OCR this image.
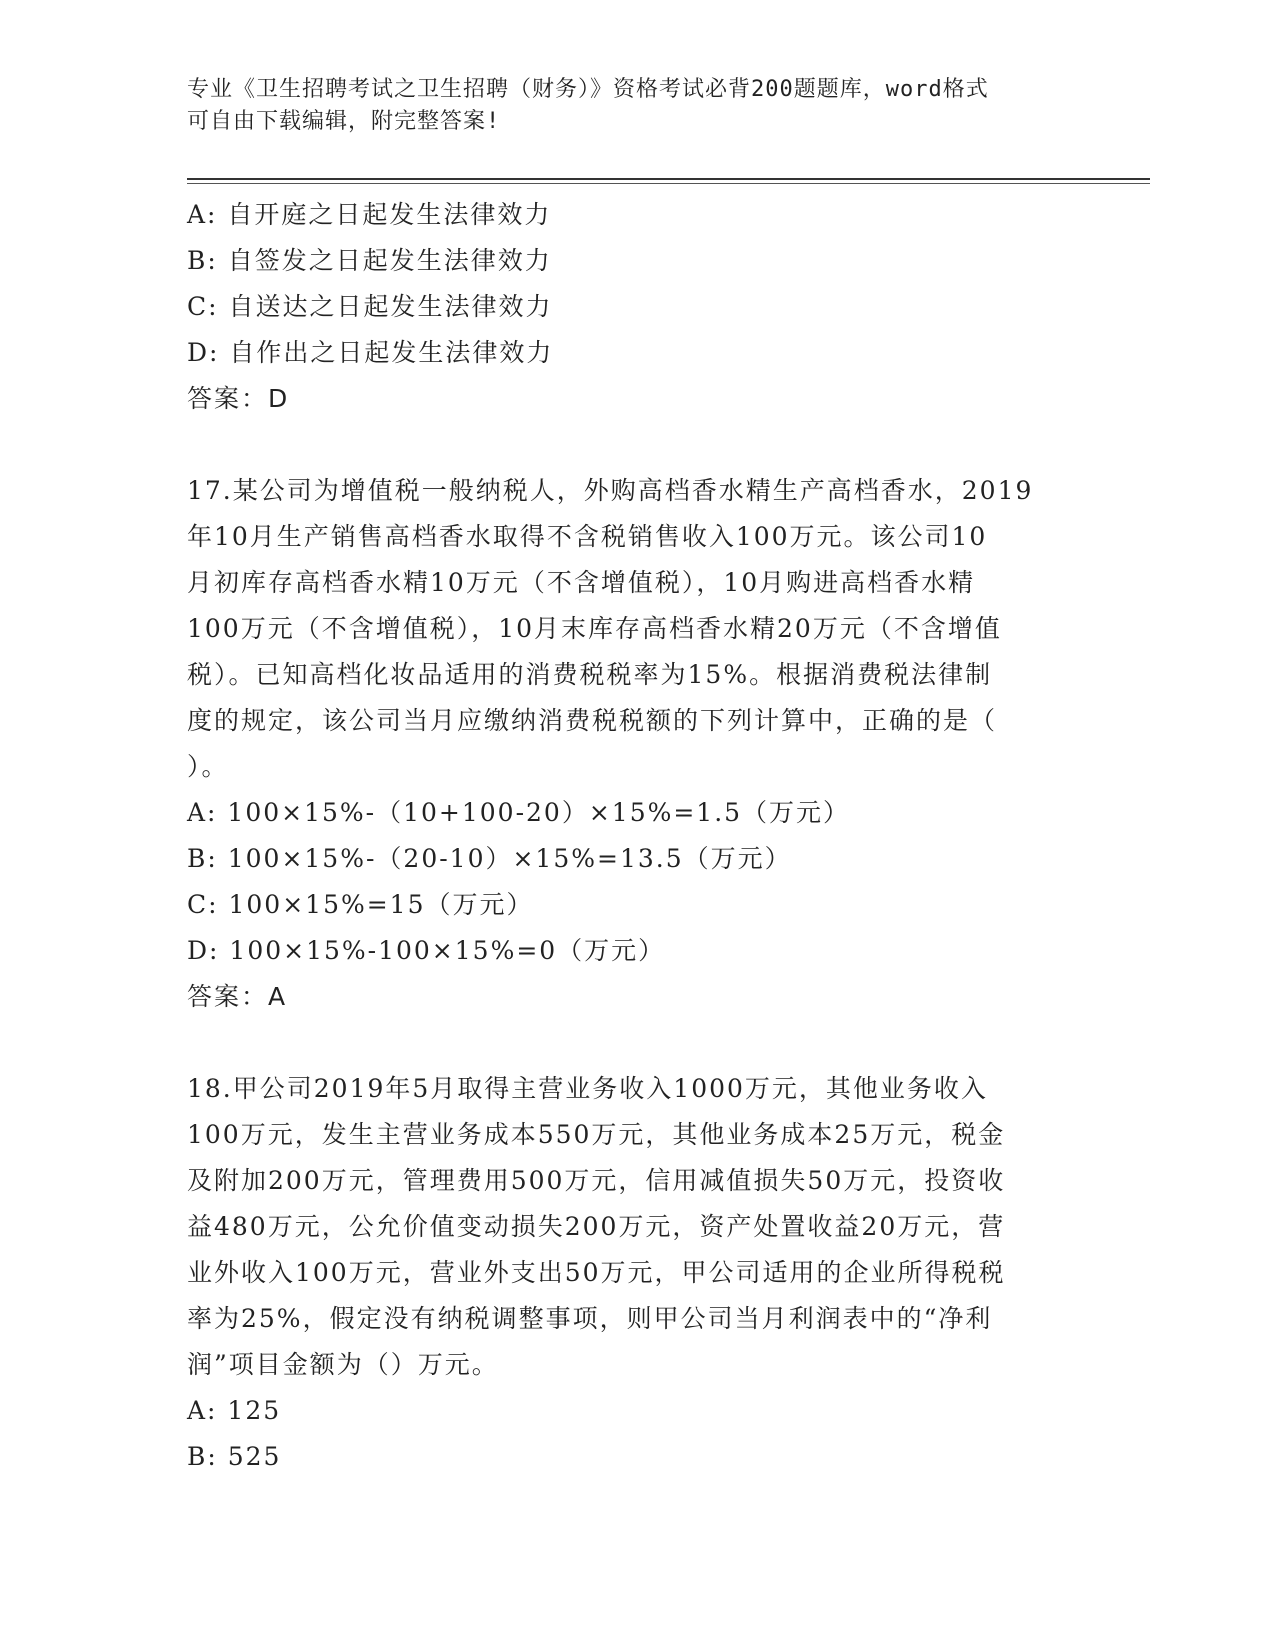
专业《卫生招聘考试之卫生招聘（财务）》资格考试必背200题题库，word格式
可自由下载编辑，附完整答案!
A: 自开庭之日起发生法律效力
B: 自签发之日起发生法律效力
C: 自送达之日起发生法律效力
D: 自作出之日起发生法律效力
答案：D
17.某公司为增值税一般纳税人，外购高档香水精生产高档香水，2019
年10月生产销售高档香水取得不含税销售收入100万元。该公司10
月初库存高档香水精10万元（不含增值税），10月购进高档香水精
100万元（不含增值税），10月末库存高档香水精20万元（不含增值
税）。已知高档化妆品适用的消费税税率为15%。根据消费税法律制
度的规定，该公司当月应缴纳消费税税额的下列计算中，正确的是（
）。
A: 100×15%-（10+100-20）×15%=1.5（万元）
B: 100×15%-（20-10）×15%=13.5（万元）
C: 100×15%=15（万元）
D: 100×15%-100×15%=0（万元）
答案：A
18.甲公司2019年5月取得主营业务收入1000万元，其他业务收入
100万元，发生主营业务成本550万元，其他业务成本25万元，税金
及附加200万元，管理费用500万元，信用减值损失50万元，投资收
益480万元，公允价值变动损失200万元，资产处置收益20万元，营
业外收入100万元，营业外支出50万元，甲公司适用的企业所得税税
率为25%，假定没有纳税调整事项，则甲公司当月利润表中的“净利
润”项目金额为（）万元。
A: 125
B: 525
